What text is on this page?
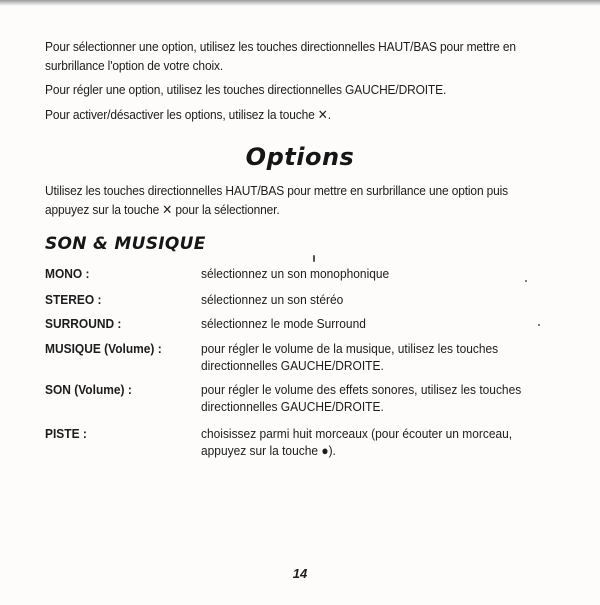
Pour sélectionner une option, utilisez les touches directionnelles HAUT/BAS pour mettre en surbrillance l'option de votre choix.
Pour régler une option, utilisez les touches directionnelles GAUCHE/DROITE.
Pour activer/désactiver les options, utilisez la touche ✕.
Options
Utilisez les touches directionnelles HAUT/BAS pour mettre en surbrillance une option puis appuyez sur la touche ✕ pour la sélectionner.
SON & MUSIQUE
MONO :	sélectionnez un son monophonique
STEREO :	sélectionnez un son stéréo
SURROUND :	sélectionnez le mode Surround
MUSIQUE (Volume) :	pour régler le volume de la musique, utilisez les touches directionnelles GAUCHE/DROITE.
SON (Volume) :	pour régler le volume des effets sonores, utilisez les touches directionnelles GAUCHE/DROITE.
PISTE :	choisissez parmi huit morceaux (pour écouter un morceau, appuyez sur la touche ●).
14
